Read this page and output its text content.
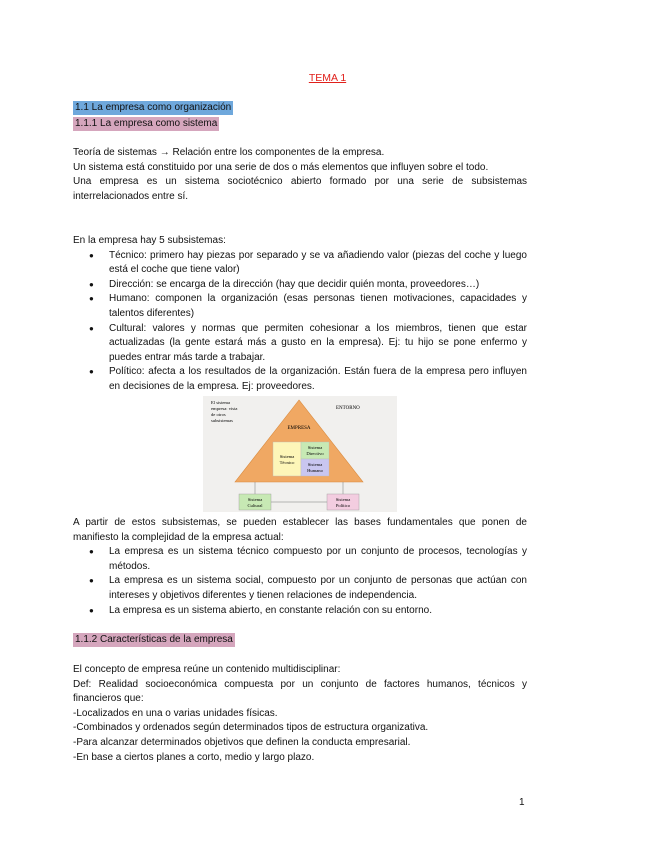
TEMA 1
1.1 La empresa como organización
1.1.1 La empresa como sistema
Teoría de sistemas → Relación entre los componentes de la empresa.
Un sistema está constituido por una serie de dos o más elementos que influyen sobre el todo.
Una empresa es un sistema sociotécnico abierto formado por una serie de subsistemas interrelacionados entre sí.
En la empresa hay 5 subsistemas:
● Técnico: primero hay piezas por separado y se va añadiendo valor (piezas del coche y luego está el coche que tiene valor)
● Dirección: se encarga de la dirección (hay que decidir quién monta, proveedores…)
● Humano: componen la organización (esas personas tienen motivaciones, capacidades y talentos diferentes)
● Cultural: valores y normas que permiten cohesionar a los miembros, tienen que estar actualizadas (la gente estará más a gusto en la empresa). Ej: tu hijo se pone enfermo y puedes entrar más tarde a trabajar.
● Político: afecta a los resultados de la organización. Están fuera de la empresa pero influyen en decisiones de la empresa. Ej: proveedores.
El sistema
empresa: vista
de otros
subsistemas
ENTORNO
EMPRESA
Sistema
Técnico
Sistema
Directivo
Sistema
Humano
Sistema
Cultural
Sistema
Político
A partir de estos subsistemas, se pueden establecer las bases fundamentales que ponen de manifiesto la complejidad de la empresa actual:
● La empresa es un sistema técnico compuesto por un conjunto de procesos, tecnologías y métodos.
● La empresa es un sistema social, compuesto por un conjunto de personas que actúan con intereses y objetivos diferentes y tienen relaciones de independencia.
● La empresa es un sistema abierto, en constante relación con su entorno.
1.1.2 Características de la empresa
El concepto de empresa reúne un contenido multidisciplinar:
Def: Realidad socioeconómica compuesta por un conjunto de factores humanos, técnicos y financieros que:
-Localizados en una o varias unidades físicas.
-Combinados y ordenados según determinados tipos de estructura organizativa.
-Para alcanzar determinados objetivos que definen la conducta empresarial.
-En base a ciertos planes a corto, medio y largo plazo.
1
